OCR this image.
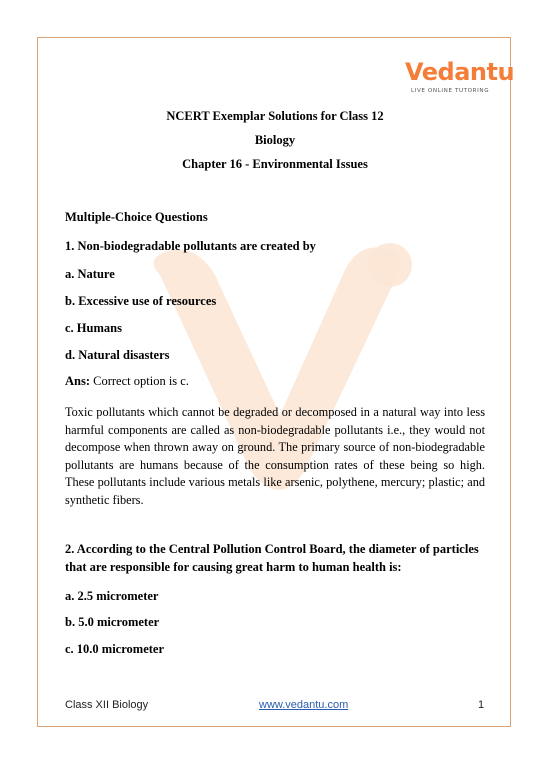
Vedantu
LIVE ONLINE TUTORING

NCERT Exemplar Solutions for Class 12

Biology

Chapter 16 - Environmental Issues

Multiple-Choice Questions

1. Non-biodegradable pollutants are created by

a. Nature

b. Excessive use of resources

c. Humans

d. Natural disasters

Ans: Correct option is c.

Toxic pollutants which cannot be degraded or decomposed in a natural way into less harmful components are called as non-biodegradable pollutants i.e., they would not decompose when thrown away on ground. The primary source of non-biodegradable pollutants are humans because of the consumption rates of these being so high. These pollutants include various metals like arsenic, polythene, mercury; plastic; and synthetic fibers.

2. According to the Central Pollution Control Board, the diameter of particles

that are responsible for causing great harm to human health is:

a. 2.5 micrometer

b. 5.0 micrometer

c. 10.0 micrometer

Class XII Biology	www.vedantu.com	1
